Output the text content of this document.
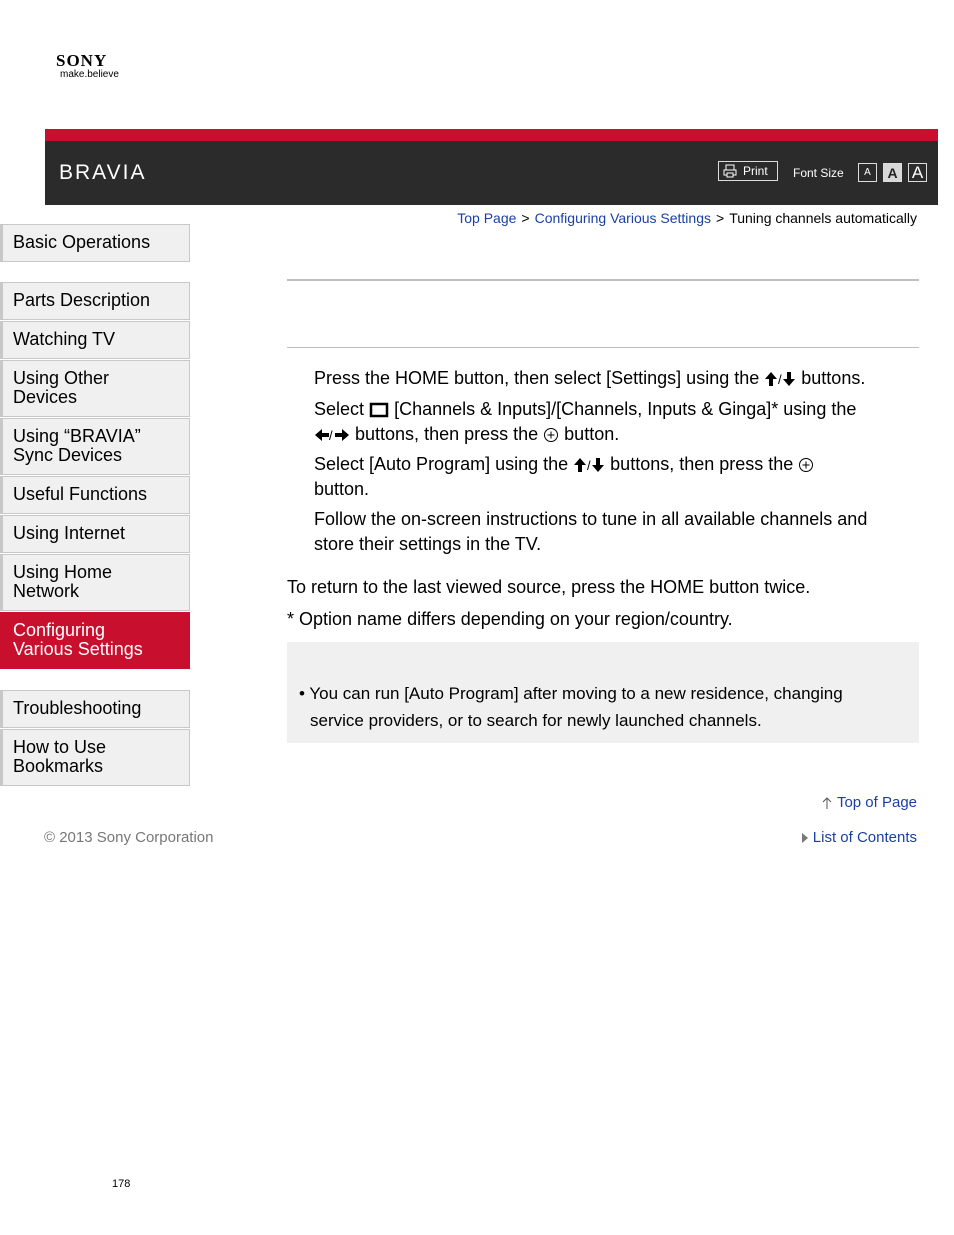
SONY
make.believe
BRAVIA	Print Font Size	A	A A
Top Page > Configuring Various Settings > Tuning channels automatically
Basic Operations
Parts Description
Watching TV
Using Other
Devices
Using “BRAVIA”
Sync Devices
Useful Functions
Using Internet
Using Home
Network
Configuring
Various Settings
Troubleshooting
How to Use
Bookmarks
Press the HOME button, then select [Settings] using the / buttons.
Select [Channels & Inputs]/[Channels, Inputs & Ginga]* using the

/ buttons, then press the button.
Select [Auto Program] using the / buttons, then press the
button.
Follow the on-screen instructions to tune in all available channels and store their settings in the TV.
To return to the last viewed source, press the HOME button twice.
* Option name differs depending on your region/country.
• You can run [Auto Program] after moving to a new residence, changing
service providers, or to search for newly launched channels.
Top of Page
© 2013 Sony Corporation	List of Contents
178
